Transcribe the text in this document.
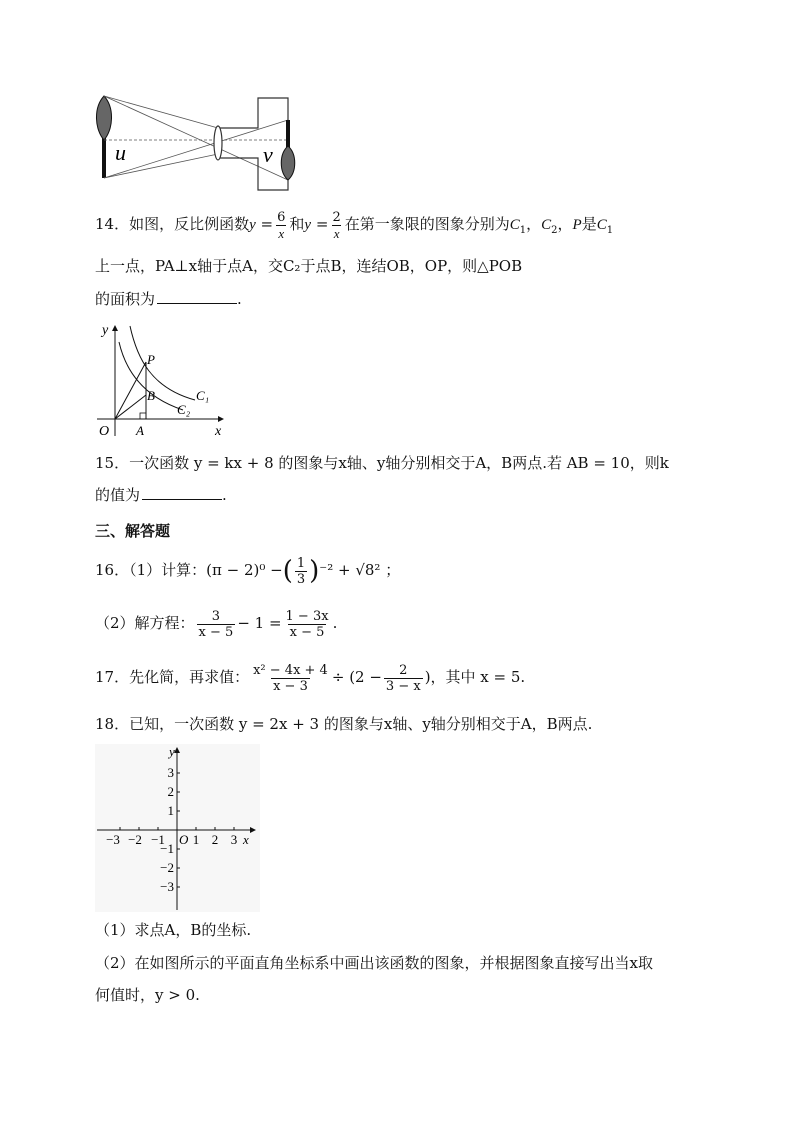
u	v
14．如图，反比例函数$y = \frac{6}{x}$ 和$y = \frac{2}{x}$ 在第一象限的图象分别为$C_1$，$C_2$，P是$C_1$
上一点，PA⊥x轴于点A，交C₂于点B，连结OB，OP，则△POB
的面积为	.
y
x
O
P
B
A
C₁
C₂
15．一次函数 y = kx + 8 的图象与x轴、y轴分别相交于A，B两点.若 AB = 10，则k
的值为	.
三、解答题
16．（1）计算：(π − 2)⁰ −( $\frac{1}{3} )^{-2} + √8^2$ ；
（2）解方程： $\frac{3}{x - 5} - 1 = \frac{1 - 3x}{x - 5}$ .
17．先化简，再求值： $\frac{\text{x² − 4x + 4}}{x - 3} \div (2 - \frac{2}{3 - x}$ )，其中 x = 5.
18．已知，一次函数 y = 2x + 3 的图象与x轴、y轴分别相交于A，B两点.
y
x
O
−3 −2 −1 1 2 3
3
2
1
−1
−2
−3
（1）求点A，B的坐标.
（2）在如图所示的平面直角坐标系中画出该函数的图象，并根据图象直接写出当x取
何值时，y > 0.
